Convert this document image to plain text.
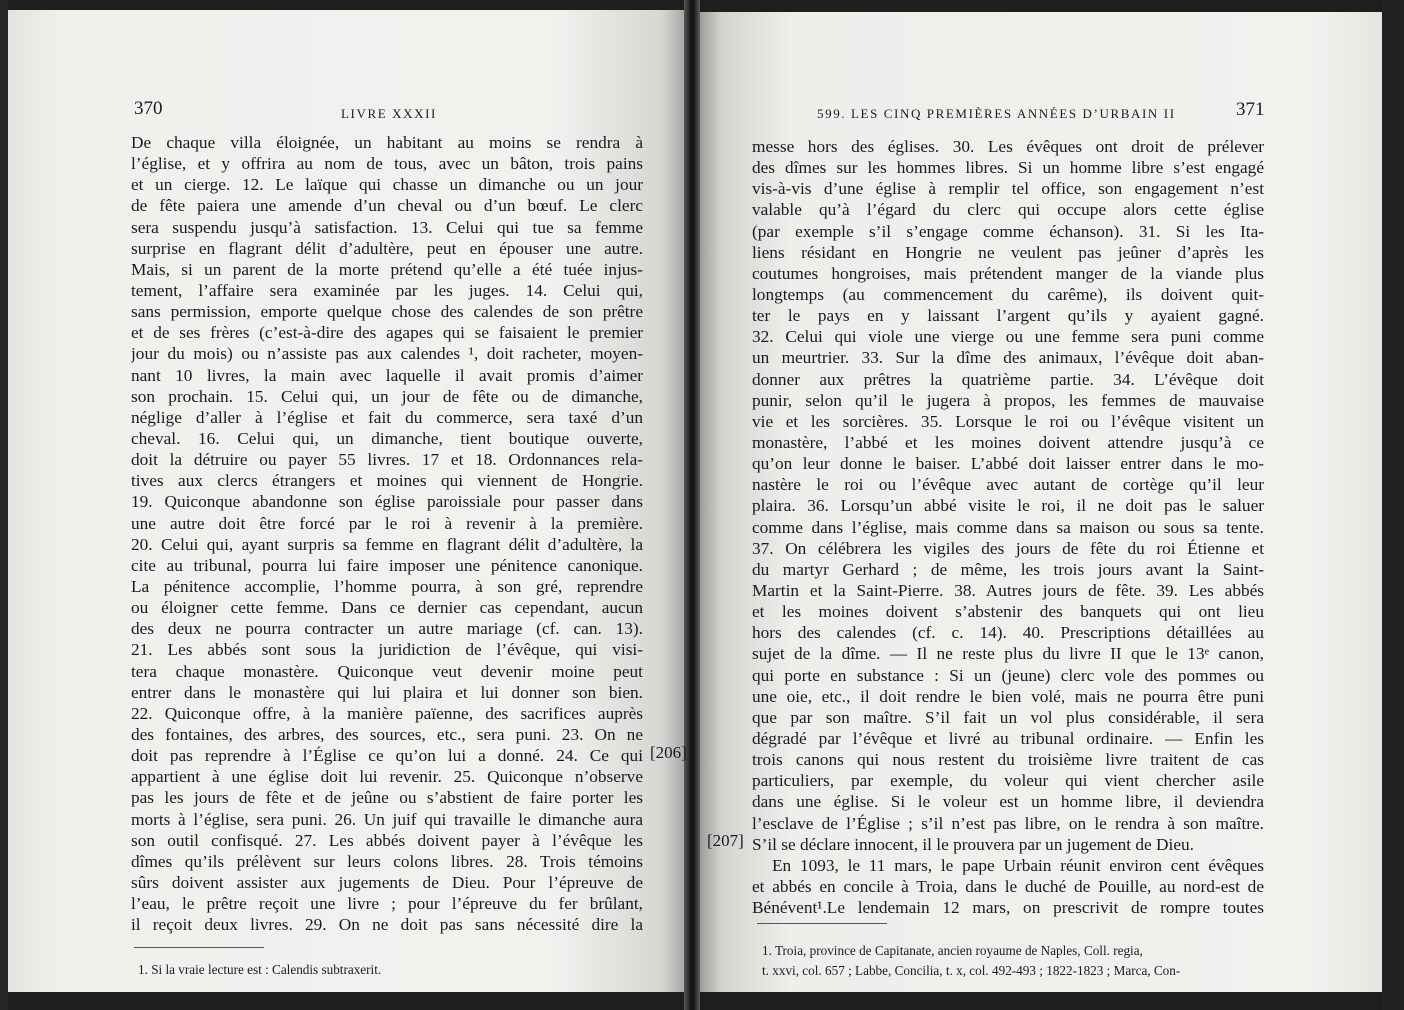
370	LIVRE XXXII
De chaque villa éloignée, un habitant au moins se rendra à
l’église, et y offrira au nom de tous, avec un bâton, trois pains
et un cierge. 12. Le laïque qui chasse un dimanche ou un jour
de fête paiera une amende d’un cheval ou d’un bœuf. Le clerc
sera suspendu jusqu’à satisfaction. 13. Celui qui tue sa femme
surprise en flagrant délit d’adultère, peut en épouser une autre.
Mais, si un parent de la morte prétend qu’elle a été tuée injus-
tement, l’affaire sera examinée par les juges. 14. Celui qui,
sans permission, emporte quelque chose des calendes de son prêtre
et de ses frères (c’est-à-dire des agapes qui se faisaient le premier
jour du mois) ou n’assiste pas aux calendes ¹, doit racheter, moyen-
nant 10 livres, la main avec laquelle il avait promis d’aimer
son prochain. 15. Celui qui, un jour de fête ou de dimanche,
néglige d’aller à l’église et fait du commerce, sera taxé d’un
cheval. 16. Celui qui, un dimanche, tient boutique ouverte,
doit la détruire ou payer 55 livres. 17 et 18. Ordonnances rela-
tives aux clercs étrangers et moines qui viennent de Hongrie.
19. Quiconque abandonne son église paroissiale pour passer dans
une autre doit être forcé par le roi à revenir à la première.
20. Celui qui, ayant surpris sa femme en flagrant délit d’adultère, la
cite au tribunal, pourra lui faire imposer une pénitence canonique.
La pénitence accomplie, l’homme pourra, à son gré, reprendre
ou éloigner cette femme. Dans ce dernier cas cependant, aucun
des deux ne pourra contracter un autre mariage (cf. can. 13).
21. Les abbés sont sous la juridiction de l’évêque, qui visi-
tera chaque monastère. Quiconque veut devenir moine peut
entrer dans le monastère qui lui plaira et lui donner son bien.
22. Quiconque offre, à la manière païenne, des sacrifices auprès
des fontaines, des arbres, des sources, etc., sera puni. 23. On ne
doit pas reprendre à l’Église ce qu’on lui a donné. 24. Ce qui
appartient à une église doit lui revenir. 25. Quiconque n’observe
pas les jours de fête et de jeûne ou s’abstient de faire porter les
morts à l’église, sera puni. 26. Un juif qui travaille le dimanche aura
son outil confisqué. 27. Les abbés doivent payer à l’évêque les
dîmes qu’ils prélèvent sur leurs colons libres. 28. Trois témoins
sûrs doivent assister aux jugements de Dieu. Pour l’épreuve de
l’eau, le prêtre reçoit une livre ; pour l’épreuve du fer brûlant,
il reçoit deux livres. 29. On ne doit pas sans nécessité dire la
[206]
1. Si la vraie lecture est : Calendis subtraxerit.
599. LES CINQ PREMIÈRES ANNÉES D’URBAIN II	371
messe hors des églises. 30. Les évêques ont droit de prélever
des dîmes sur les hommes libres. Si un homme libre s’est engagé
vis-à-vis d’une église à remplir tel office, son engagement n’est
valable qu’à l’égard du clerc qui occupe alors cette église
(par exemple s’il s’engage comme échanson). 31. Si les Ita-
liens résidant en Hongrie ne veulent pas jeûner d’après les
coutumes hongroises, mais prétendent manger de la viande plus
longtemps (au commencement du carême), ils doivent quit-
ter le pays en y laissant l’argent qu’ils y ayaient gagné.
32. Celui qui viole une vierge ou une femme sera puni comme
un meurtrier. 33. Sur la dîme des animaux, l’évêque doit aban-
donner aux prêtres la quatrième partie. 34. L’évêque doit
punir, selon qu’il le jugera à propos, les femmes de mauvaise
vie et les sorcières. 35. Lorsque le roi ou l’évêque visitent un
monastère, l’abbé et les moines doivent attendre jusqu’à ce
qu’on leur donne le baiser. L’abbé doit laisser entrer dans le mo-
nastère le roi ou l’évêque avec autant de cortège qu’il leur
plaira. 36. Lorsqu’un abbé visite le roi, il ne doit pas le saluer
comme dans l’église, mais comme dans sa maison ou sous sa tente.
37. On célébrera les vigiles des jours de fête du roi Étienne et
du martyr Gerhard ; de même, les trois jours avant la Saint-
Martin et la Saint-Pierre. 38. Autres jours de fête. 39. Les abbés
et les moines doivent s’abstenir des banquets qui ont lieu
hors des calendes (cf. c. 14). 40. Prescriptions détaillées au
sujet de la dîme. — Il ne reste plus du livre II que le 13ᵉ canon,
qui porte en substance : Si un (jeune) clerc vole des pommes ou
une oie, etc., il doit rendre le bien volé, mais ne pourra être puni
que par son maître. S’il fait un vol plus considérable, il sera
dégradé par l’évêque et livré au tribunal ordinaire. — Enfin les
trois canons qui nous restent du troisième livre traitent de cas
particuliers, par exemple, du voleur qui vient chercher asile
dans une église. Si le voleur est un homme libre, il deviendra
l’esclave de l’Église ; s’il n’est pas libre, on le rendra à son maître.
S’il se déclare innocent, il le prouvera par un jugement de Dieu.
En 1093, le 11 mars, le pape Urbain réunit environ cent évêques
et abbés en concile à Troia, dans le duché de Pouille, au nord-est de
Bénévent¹.Le lendemain 12 mars, on prescrivit de rompre toutes
[207]
1. Troia, province de Capitanate, ancien royaume de Naples, Coll. regia,
t. xxvi, col. 657 ; Labbe, Concilia, t. x, col. 492-493 ; 1822-1823 ; Marca, Con-
